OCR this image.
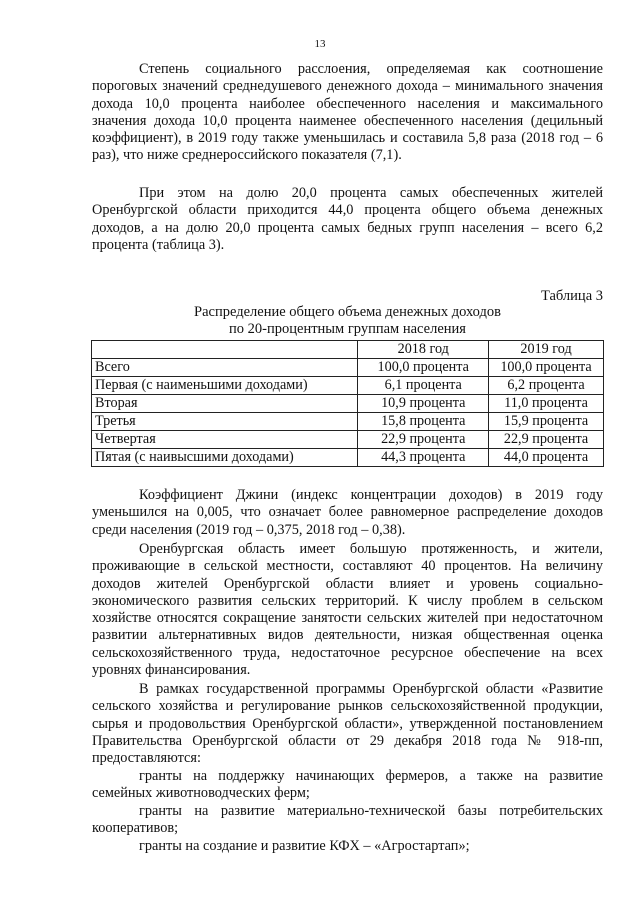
13

Степень социального расслоения, определяемая как соотношение пороговых значений среднедушевого денежного дохода – минимального значения дохода 10,0 процента наиболее обеспеченного населения и максимального значения дохода 10,0 процента наименее обеспеченного населения (децильный коэффициент), в 2019 году также уменьшилась и составила 5,8 раза (2018 год – 6 раз), что ниже среднероссийского показателя (7,1).

При этом на долю 20,0 процента самых обеспеченных жителей Оренбургской области приходится 44,0 процента общего объема денежных доходов, а на долю 20,0 процента самых бедных групп населения – всего 6,2 процента (таблица 3).

Таблица 3
Распределение общего объема денежных доходов
по 20-процентным группам населения
	2018 год	2019 год
Всего	100,0 процента	100,0 процента
Первая (с наименьшими доходами)	6,1 процента	6,2 процента
Вторая	10,9 процента	11,0 процента
Третья	15,8 процента	15,9 процента
Четвертая	22,9 процента	22,9 процента
Пятая (с наивысшими доходами)	44,3 процента	44,0 процента

Коэффициент Джини (индекс концентрации доходов) в 2019 году уменьшился на 0,005, что означает более равномерное распределение доходов среди населения (2019 год – 0,375, 2018 год – 0,38).

Оренбургская область имеет большую протяженность, и жители, проживающие в сельской местности, составляют 40 процентов. На величину доходов жителей Оренбургской области влияет и уровень социально-экономического развития сельских территорий. К числу проблем в сельском хозяйстве относятся сокращение занятости сельских жителей при недостаточном развитии альтернативных видов деятельности, низкая общественная оценка сельскохозяйственного труда, недостаточное ресурсное обеспечение на всех уровнях финансирования.

В рамках государственной программы Оренбургской области «Развитие сельского хозяйства и регулирование рынков сельскохозяйственной продукции, сырья и продовольствия Оренбургской области», утвержденной постановлением Правительства Оренбургской области от 29 декабря 2018 года № 918-пп, предоставляются:

гранты на поддержку начинающих фермеров, а также на развитие семейных животноводческих ферм;

гранты на развитие материально-технической базы потребительских кооперативов;

гранты на создание и развитие КФХ – «Агростартап»;
